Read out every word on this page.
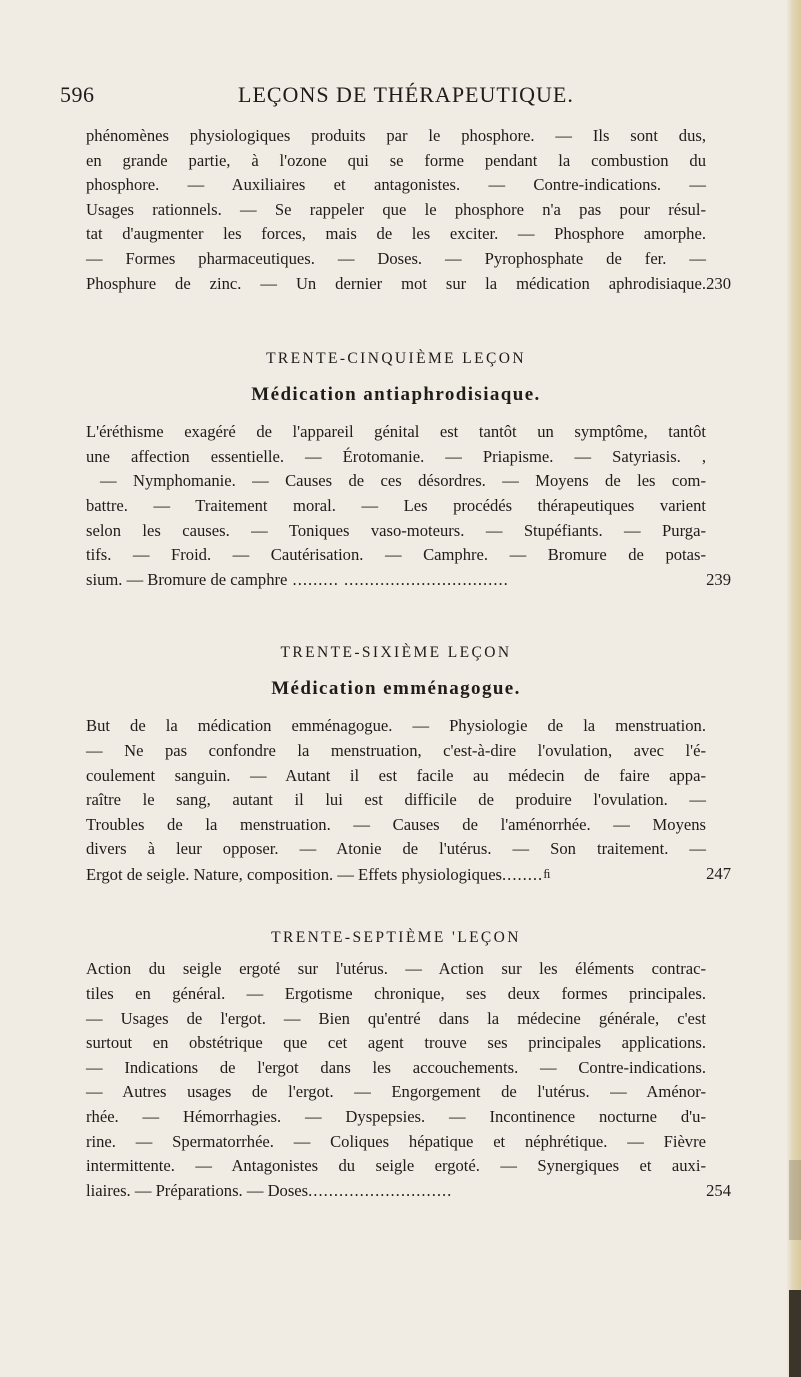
596	LEÇONS DE THÉRAPEUTIQUE.
phénomènes physiologiques produits par le phosphore. — Ils sont dus,
en grande partie, à l'ozone qui se forme pendant la combustion du
phosphore. — Auxiliaires et antagonistes. — Contre-indications. —
Usages rationnels. — Se rappeler que le phosphore n'a pas pour résul-
tat d'augmenter les forces, mais de les exciter. — Phosphore amorphe.
— Formes pharmaceutiques. — Doses. — Pyrophosphate de fer. —
Phosphure de zinc. — Un dernier mot sur la médication aphrodisiaque. 230
TRENTE-CINQUIÈME LEÇON
Médication antiaphrodisiaque.
L'éréthisme exagéré de l'appareil génital est tantôt un symptôme, tantôt
une affection essentielle. — Érotomanie. — Priapisme. — Satyriasis. ,
— Nymphomanie. — Causes de ces désordres. — Moyens de les com-
battre. — Traitement moral. — Les procédés thérapeutiques varient
selon les causes. — Toniques vaso-moteurs. — Stupéfiants. — Purga-
tifs. — Froid. — Cautérisation. — Camphre. — Bromure de potas-
sium. — Bromure de camphre ......... ................................	239
TRENTE-SIXIÈME LEÇON
Médication emménagogue.
But de la médication emménagogue. — Physiologie de la menstruation.
— Ne pas confondre la menstruation, c'est-à-dire l'ovulation, avec l'é-
coulement sanguin. — Autant il est facile au médecin de faire appa-
raître le sang, autant il lui est difficile de produire l'ovulation. —
Troubles de la menstruation. — Causes de l'aménorrhée. — Moyens
divers à leur opposer. — Atonie de l'utérus. — Son traitement. —
Ergot de seigle. Nature, composition. — Effets physiologiques........ﬁ	247
TRENTE-SEPTIÈME 'LEÇON
Action du seigle ergoté sur l'utérus. — Action sur les éléments contrac-
tiles en général. — Ergotisme chronique, ses deux formes principales.
— Usages de l'ergot. — Bien qu'entré dans la médecine générale, c'est
surtout en obstétrique que cet agent trouve ses principales applications.
— Indications de l'ergot dans les accouchements. — Contre-indications.
— Autres usages de l'ergot. — Engorgement de l'utérus. — Aménor-
rhée. — Hémorrhagies. — Dyspepsies. — Incontinence nocturne d'u-
rine. — Spermatorrhée. — Coliques hépatique et néphrétique. — Fièvre
intermittente. — Antagonistes du seigle ergoté. — Synergiques et auxi-
liaires. — Préparations. — Doses............................	254
